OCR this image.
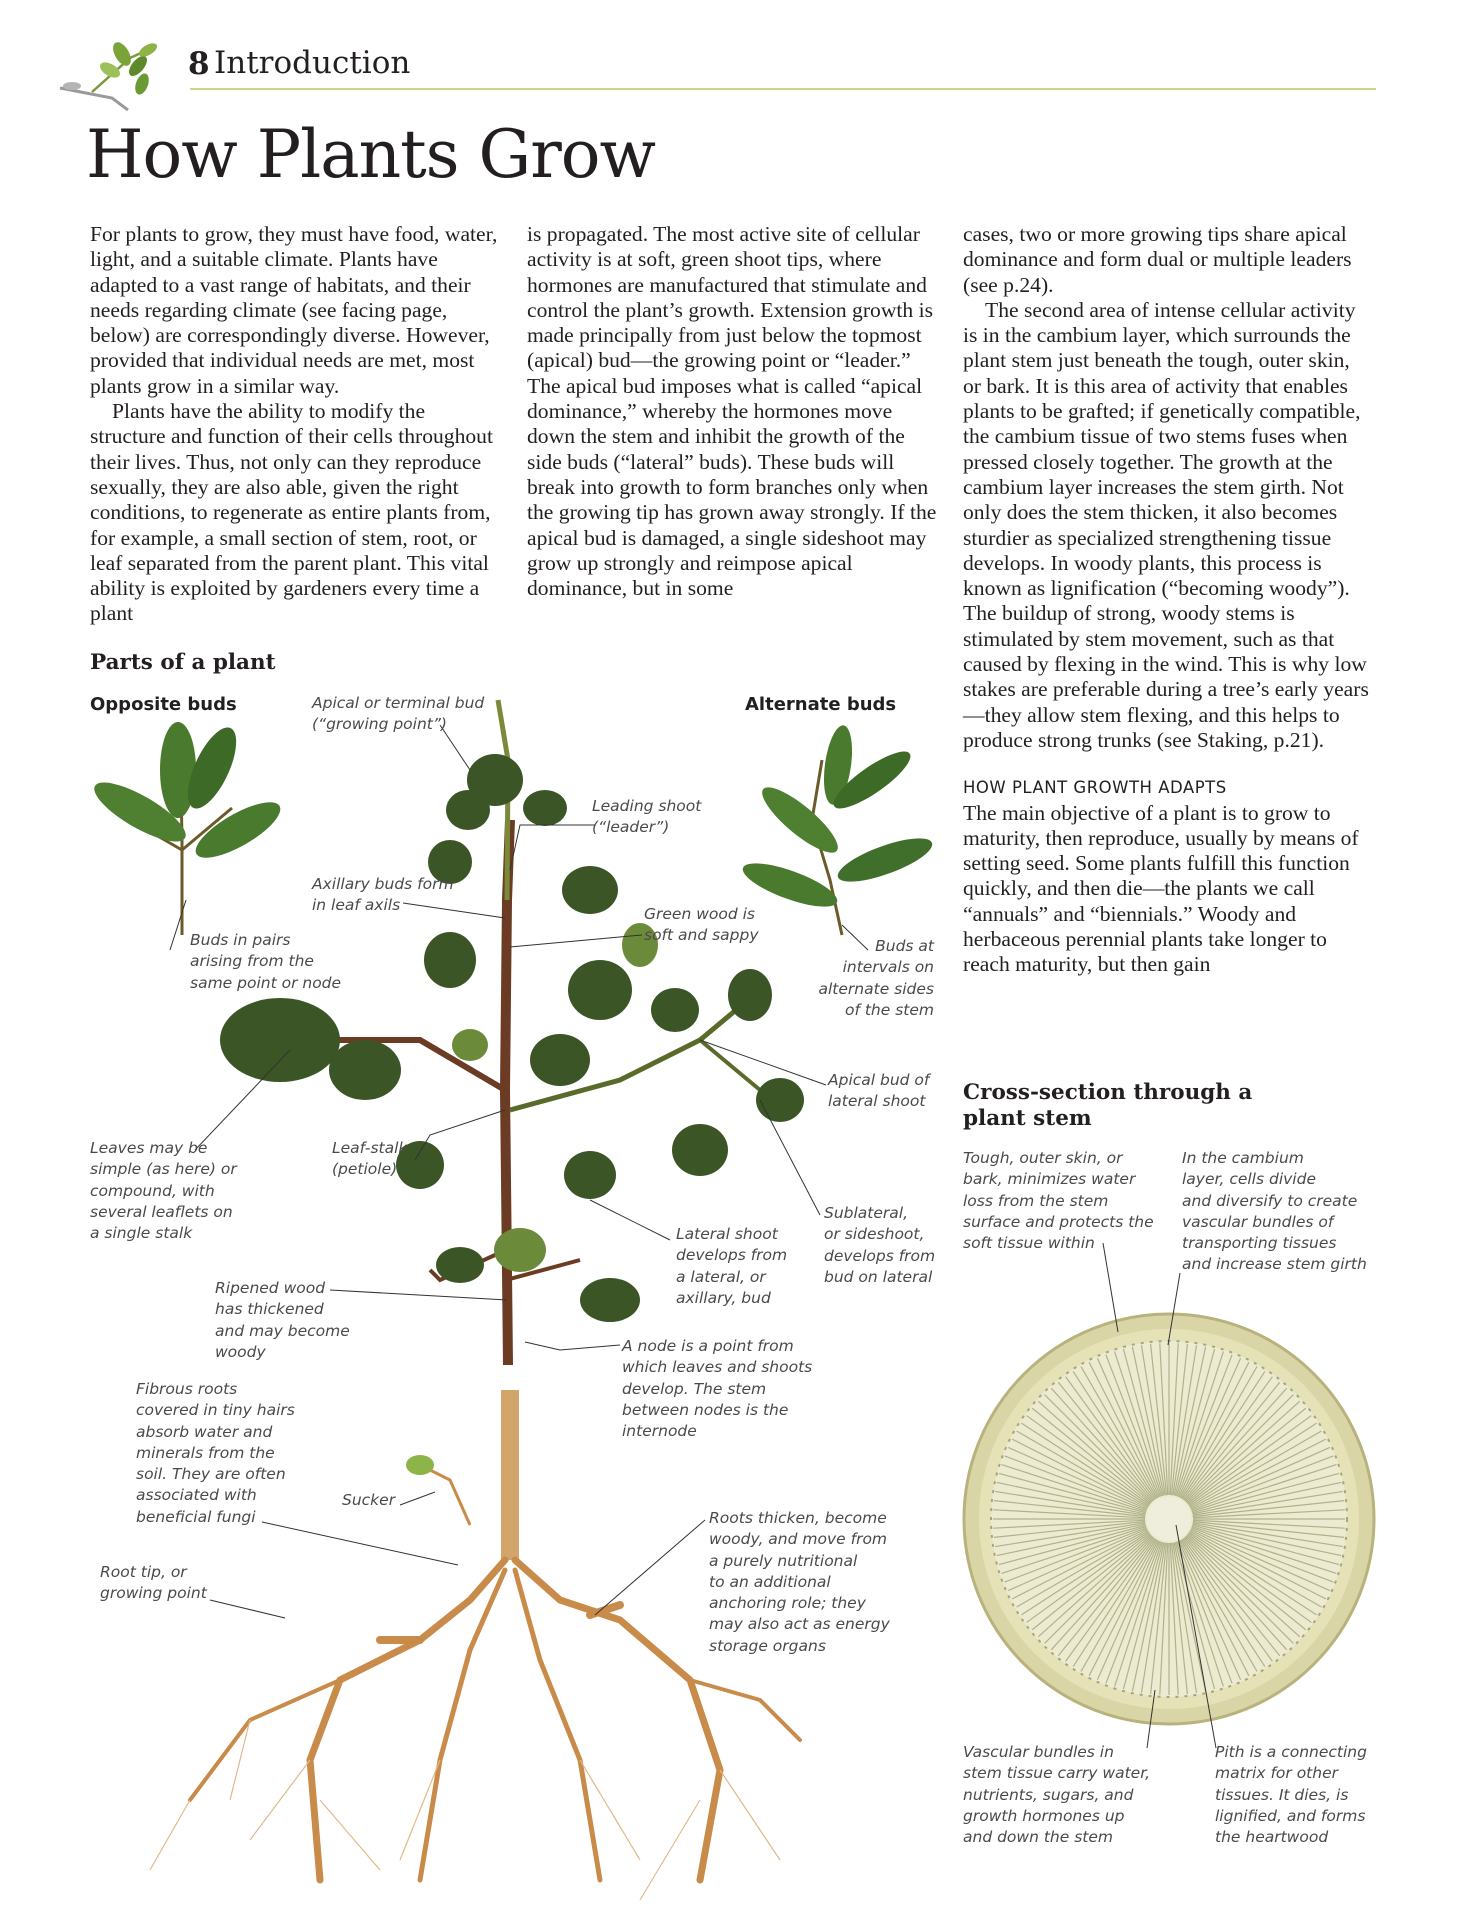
8 Introduction
How Plants Grow

For plants to grow, they must have food, water, light, and a suitable climate. Plants have adapted to a vast range of habitats, and their needs regarding climate (see facing page, below) are correspondingly diverse. However, provided that individual needs are met, most plants grow in a similar way.

Plants have the ability to modify the structure and function of their cells throughout their lives. Thus, not only can they reproduce sexually, they are also able, given the right conditions, to regenerate as entire plants from, for example, a small section of stem, root, or leaf separated from the parent plant. This vital ability is exploited by gardeners every time a plant

is propagated. The most active site of cellular activity is at soft, green shoot tips, where hormones are manufactured that stimulate and control the plant’s growth. Extension growth is made principally from just below the topmost (apical) bud—the growing point or “leader.” The apical bud imposes what is called “apical dominance,” whereby the hormones move down the stem and inhibit the growth of the side buds (“lateral” buds). These buds will break into growth to form branches only when the growing tip has grown away strongly. If the apical bud is damaged, a single sideshoot may grow up strongly and reimpose apical dominance, but in some

cases, two or more growing tips share apical dominance and form dual or multiple leaders (see p.24).

The second area of intense cellular activity is in the cambium layer, which surrounds the plant stem just beneath the tough, outer skin, or bark. It is this area of activity that enables plants to be grafted; if genetically compatible, the cambium tissue of two stems fuses when pressed closely together. The growth at the cambium layer increases the stem girth. Not only does the stem thicken, it also becomes sturdier as specialized strengthening tissue develops. In woody plants, this process is known as lignification (“becoming woody”). The buildup of strong, woody stems is stimulated by stem movement, such as that caused by flexing in the wind. This is why low stakes are preferable during a tree’s early years—they allow stem flexing, and this helps to produce strong trunks (see Staking, p.21).

HOW PLANT GROWTH ADAPTS

The main objective of a plant is to grow to maturity, then reproduce, usually by means of setting seed. Some plants fulfill this function quickly, and then die—the plants we call “annuals” and “biennials.” Woody and herbaceous perennial plants take longer to reach maturity, but then gain

Parts of a plant
Opposite buds	Alternate buds
Apical or terminal bud
(“growing point”)
Leading shoot
(“leader”)
Axillary buds form
in leaf axils	Green wood is
soft and sappy
Buds in pairs
arising from the
same point or node
Buds at
intervals on
alternate sides
of the stem
Apical bud of
lateral shoot
Leaves may be
simple (as here) or
compound, with
several leaflets on
a single stalk
Leaf-stalk
(petiole)
Lateral shoot
develops from
a lateral, or
axillary, bud
Sublateral,
or sideshoot,
develops from
bud on lateral
Ripened wood
has thickened
and may become
woody	A node is a point from
which leaves and shoots
develop. The stem
between nodes is the
internode
Fibrous roots
covered in tiny hairs
absorb water and
minerals from the
soil. They are often
associated with
beneficial fungi
Sucker
Root tip, or
growing point
Roots thicken, become
woody, and move from
a purely nutritional
to an additional
anchoring role; they
may also act as energy
storage organs
Cross-section through a
plant stem
Tough, outer skin, or
bark, minimizes water
loss from the stem
surface and protects the
soft tissue within
In the cambium
layer, cells divide
and diversify to create
vascular bundles of
transporting tissues
and increase stem girth
Vascular bundles in
stem tissue carry water,
nutrients, sugars, and
growth hormones up
and down the stem
Pith is a connecting
matrix for other
tissues. It dies, is
lignified, and forms
the heartwood
